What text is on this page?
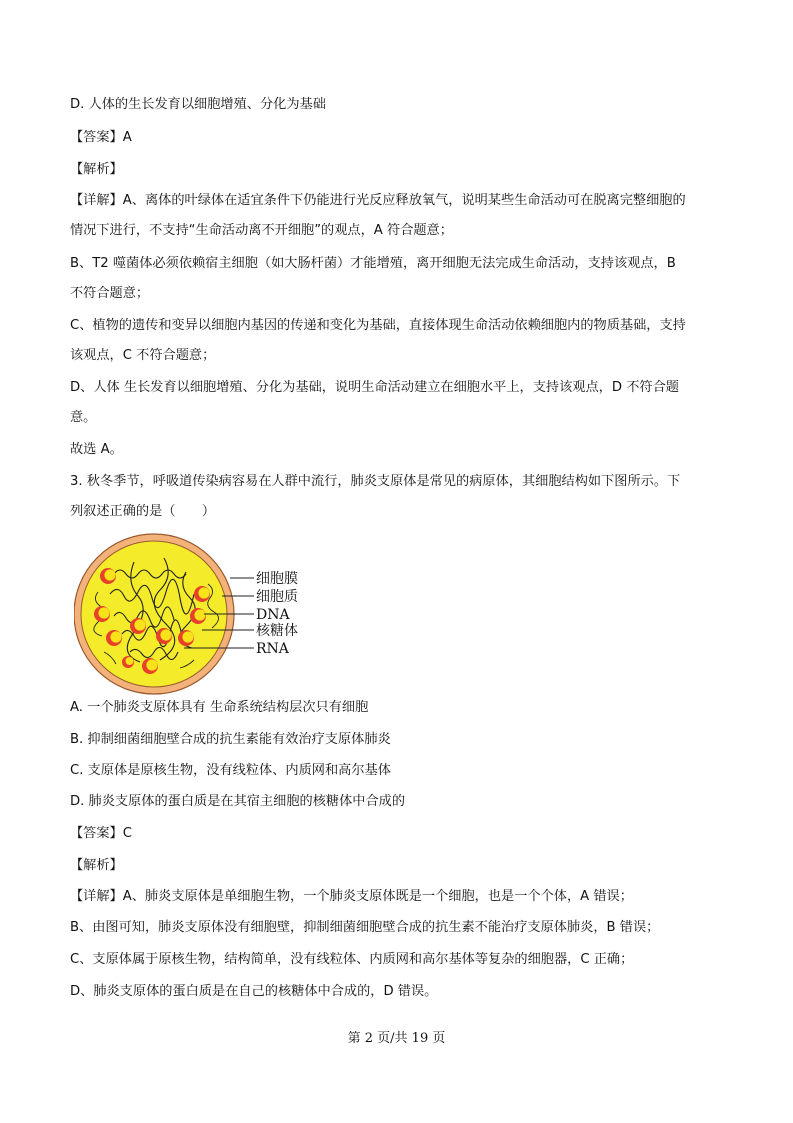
D. 人体的生长发育以细胞增殖、分化为基础
【答案】A
【解析】
【详解】A、离体的叶绿体在适宜条件下仍能进行光反应释放氧气，说明某些生命活动可在脱离完整细胞的
情况下进行，不支持“生命活动离不开细胞”的观点，A 符合题意；
B、T2 噬菌体必须依赖宿主细胞（如大肠杆菌）才能增殖，离开细胞无法完成生命活动，支持该观点，B
不符合题意；
C、植物的遗传和变异以细胞内基因的传递和变化为基础，直接体现生命活动依赖细胞内的物质基础，支持
该观点，C 不符合题意；
D、人体 生长发育以细胞增殖、分化为基础，说明生命活动建立在细胞水平上，支持该观点，D 不符合题
意。
故选 A。
3. 秋冬季节，呼吸道传染病容易在人群中流行，肺炎支原体是常见的病原体，其细胞结构如下图所示。下
列叙述正确的是（　　）
细胞膜
细胞质
DNA
核糖体
RNA
A. 一个肺炎支原体具有 生命系统结构层次只有细胞
B. 抑制细菌细胞壁合成的抗生素能有效治疗支原体肺炎
C. 支原体是原核生物，没有线粒体、内质网和高尔基体
D. 肺炎支原体的蛋白质是在其宿主细胞的核糖体中合成的
【答案】C
【解析】
【详解】A、肺炎支原体是单细胞生物，一个肺炎支原体既是一个细胞，也是一个个体，A 错误；
B、由图可知，肺炎支原体没有细胞壁，抑制细菌细胞壁合成的抗生素不能治疗支原体肺炎，B 错误；
C、支原体属于原核生物，结构简单，没有线粒体、内质网和高尔基体等复杂的细胞器，C 正确；
D、肺炎支原体的蛋白质是在自己的核糖体中合成的，D 错误。
第 2 页/共 19 页
